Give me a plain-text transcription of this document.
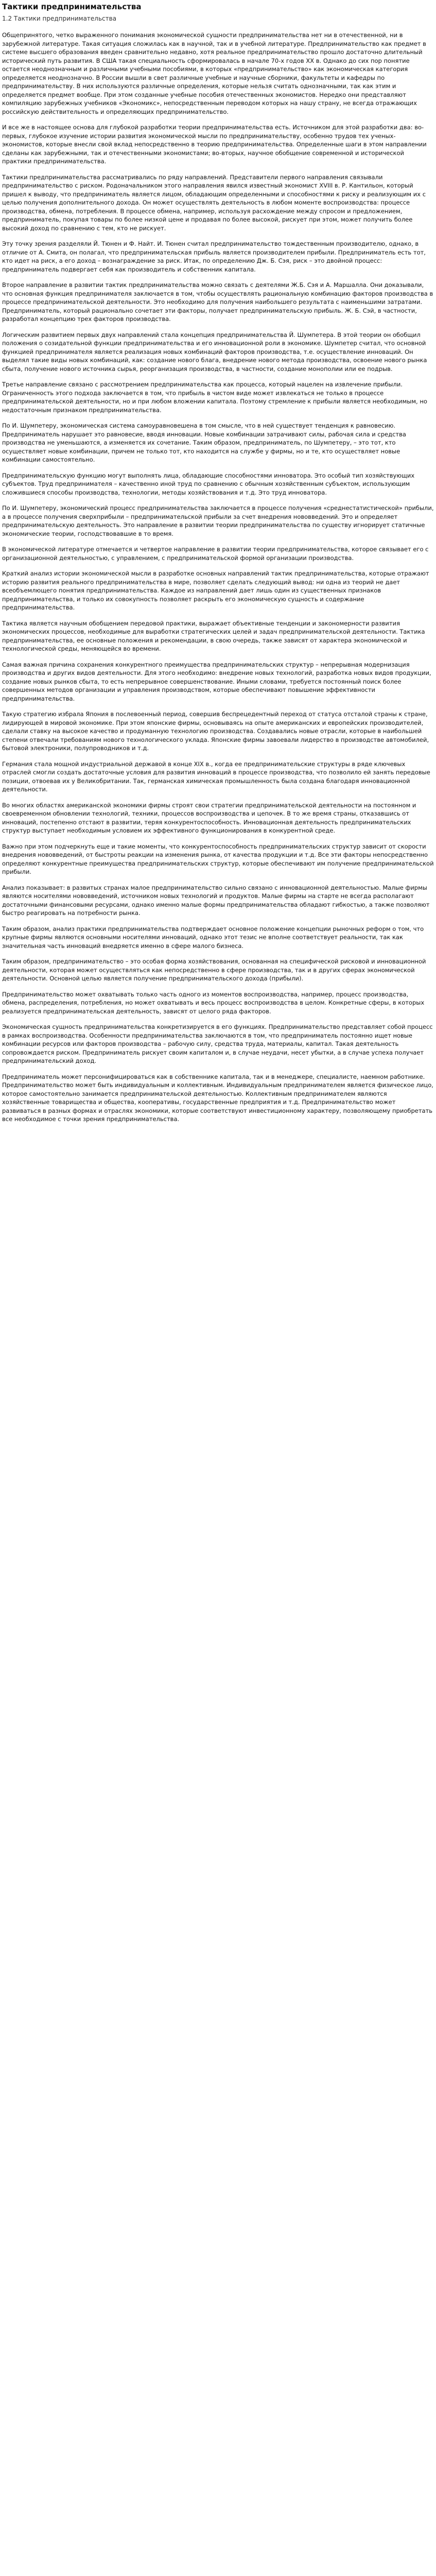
Тактики предпринимательства
1.2 Тактики предпринимательства

Общепринятого, четко выраженного понимания экономической сущности предпринимательства нет ни в отечественной, ни в зарубежной литературе. Такая ситуация сложилась как в научной, так и в учебной литературе. Предпринимательство как предмет в системе высшего образования введен сравнительно недавно, хотя реальное предпринимательство прошло достаточно длительный исторический путь развития. В США такая специальность сформировалась в начале 70-х годов XX в. Однако до сих пор понятие остается неоднозначным и различными учебными пособиями, в которых «предпринимательство» как экономическая категория определяется неоднозначно. В России вышли в свет различные учебные и научные сборники, факультеты и кафедры по предпринимательству. В них используются различные определения, которые нельзя считать однозначными, так как этим и определяется предмет вообще. При этом созданные учебные пособия отечественных экономистов. Нередко они представляют компиляцию зарубежных учебников «Экономикс», непосредственным переводом которых на нашу страну, не всегда отражающих российскую действительность и определяющих предпринимательство.

И все же в настоящее основа для глубокой разработки теории предпринимательства есть. Источником для этой разработки два: во-первых, глубокое изучение истории развития экономической мысли по предпринимательству, особенно трудов тех ученых-экономистов, которые внесли свой вклад непосредственно в теорию предпринимательства. Определенные шаги в этом направлении сделаны как зарубежными, так и отечественными экономистами; во-вторых, научное обобщение современной и исторической практики предпринимательства.

Тактики предпринимательства рассматривались по ряду направлений. Представители первого направления связывали предпринимательство с риском. Родоначальником этого направления явился известный экономист XVIII в. Р. Кантильон, который пришел к выводу, что предприниматель является лицом, обладающим определенными и способностями к риску и реализующим их с целью получения дополнительного дохода. Он может осуществлять деятельность в любом моменте воспроизводства: процессе производства, обмена, потребления. В процессе обмена, например, используя расхождение между спросом и предложением, предприниматель, покупая товары по более низкой цене и продавая по более высокой, рискует при этом, может получить более высокий доход по сравнению с тем, кто не рискует.

Эту точку зрения разделяли Й. Тюнен и Ф. Найт. И. Тюнен считал предпринимательство тождественным производителю, однако, в отличие от А. Смита, он полагал, что предпринимательская прибыль является производителем прибыли. Предприниматель есть тот, кто идет на риск, а его доход – вознаграждение за риск. Итак, по определению Дж. Б. Сэя, риск – это двойной процесс: предприниматель подвергает себя как производитель и собственник капитала.

Второе направление в развитии тактик предпринимательства можно связать с деятелями Ж.Б. Сэя и А. Маршалла. Они доказывали, что основная функция предпринимателя заключается в том, чтобы осуществлять рациональную комбинацию факторов производства в процессе предпринимательской деятельности. Это необходимо для получения наибольшего результата с наименьшими затратами. Предприниматель, который рационально сочетает эти факторы, получает предпринимательскую прибыль. Ж. Б. Сэй, в частности, разработал концепцию трех факторов производства.

Логическим развитием первых двух направлений стала концепция предпринимательства Й. Шумпетера. В этой теории он обобщил положения о созидательной функции предпринимательства и его инновационной роли в экономике. Шумпетер считал, что основной функцией предпринимателя является реализация новых комбинаций факторов производства, т.е. осуществление инноваций. Он выделял такие виды новых комбинаций, как: создание нового блага, внедрение нового метода производства, освоение нового рынка сбыта, получение нового источника сырья, реорганизация производства, в частности, создание монополии или ее подрыв.

Третье направление связано с рассмотрением предпринимательства как процесса, который нацелен на извлечение прибыли. Ограниченность этого подхода заключается в том, что прибыль в чистом виде может извлекаться не только в процессе предпринимательской деятельности, но и при любом вложении капитала. Поэтому стремление к прибыли является необходимым, но недостаточным признаком предпринимательства.

По И. Шумпетеру, экономическая система самоуравновешена в том смысле, что в ней существует тенденция к равновесию. Предприниматель нарушает это равновесие, вводя инновации. Новые комбинации затрачивают силы, рабочая сила и средства производства не уменьшаются, а изменяется их сочетание. Таким образом, предприниматель, по Шумпетеру, – это тот, кто осуществляет новые комбинации, причем не только тот, кто находится на службе у фирмы, но и те, кто осуществляет новые комбинации самостоятельно.

Предпринимательскую функцию могут выполнять лица, обладающие способностями инноватора. Это особый тип хозяйствующих субъектов. Труд предпринимателя – качественно иной труд по сравнению с обычным хозяйственным субъектом, использующим сложившиеся способы производства, технологии, методы хозяйствования и т.д. Это труд инноватора.

По И. Шумпетеру, экономический процесс предпринимательства заключается в процессе получения «среднестатистической» прибыли, а в процессе получения сверхприбыли – предпринимательской прибыли за счет внедрения нововведений. Это и определяет предпринимательскую деятельность. Это направление в развитии теории предпринимательства по существу игнорирует статичные экономические теории, господствовавшие в то время.

В экономической литературе отмечается и четвертое направление в развитии теории предпринимательства, которое связывает его с организационной деятельностью, с управлением, с предпринимательской формой организации производства.

Краткий анализ истории экономической мысли в разработке основных направлений тактик предпринимательства, которые отражают историю развития реального предпринимательства в мире, позволяет сделать следующий вывод: ни одна из теорий не дает всеобъемлющего понятия предпринимательства. Каждое из направлений дает лишь один из существенных признаков предпринимательства, и только их совокупность позволяет раскрыть его экономическую сущность и содержание предпринимательства.

Тактика является научным обобщением передовой практики, выражает объективные тенденции и закономерности развития экономических процессов, необходимые для выработки стратегических целей и задач предпринимательской деятельности. Тактика предпринимательства, ее основные положения и рекомендации, в свою очередь, также зависят от характера экономической и технологической среды, меняющейся во времени.

Самая важная причина сохранения конкурентного преимущества предпринимательских структур – непрерывная модернизация производства и других видов деятельности. Для этого необходимо: внедрение новых технологий, разработка новых видов продукции, создание новых рынков сбыта, то есть непрерывное совершенствование. Иными словами, требуется постоянный поиск более совершенных методов организации и управления производством, которые обеспечивают повышение эффективности предпринимательства.

Такую стратегию избрала Япония в послевоенный период, совершив беспрецедентный переход от статуса отсталой страны к стране, лидирующей в мировой экономике. При этом японские фирмы, основываясь на опыте американских и европейских производителей, сделали ставку на высокое качество и продуманную технологию производства. Создавались новые отрасли, которые в наибольшей степени отвечали требованиям нового технологического уклада. Японские фирмы завоевали лидерство в производстве автомобилей, бытовой электроники, полупроводников и т.д.

Германия стала мощной индустриальной державой в конце XIX в., когда ее предпринимательские структуры в ряде ключевых отраслей смогли создать достаточные условия для развития инноваций в процессе производства, что позволило ей занять передовые позиции, отвоевав их у Великобритании. Так, германская химическая промышленность была создана благодаря инновационной деятельности.

Во многих областях американской экономики фирмы строят свои стратегии предпринимательской деятельности на постоянном и своевременном обновлении технологий, техники, процессов воспроизводства и цепочек. В то же время страны, отказавшись от инноваций, постепенно отстают в развитии, теряя конкурентоспособность. Инновационная деятельность предпринимательских структур выступает необходимым условием их эффективного функционирования в конкурентной среде.

Важно при этом подчеркнуть еще и такие моменты, что конкурентоспособность предпринимательских структур зависит от скорости внедрения нововведений, от быстроты реакции на изменения рынка, от качества продукции и т.д. Все эти факторы непосредственно определяют конкурентные преимущества предпринимательских структур, которые обеспечивают им получение предпринимательской прибыли.

Анализ показывает: в развитых странах малое предпринимательство сильно связано с инновационной деятельностью. Малые фирмы являются носителями нововведений, источником новых технологий и продуктов. Малые фирмы на старте не всегда располагают достаточными финансовыми ресурсами, однако именно малые формы предпринимательства обладают гибкостью, а также позволяют быстро реагировать на потребности рынка.

Таким образом, анализ практики предпринимательства подтверждает основное положение концепции рыночных реформ о том, что крупные фирмы являются основными носителями инноваций, однако этот тезис не вполне соответствует реальности, так как значительная часть инноваций внедряется именно в сфере малого бизнеса.

Таким образом, предпринимательство – это особая форма хозяйствования, основанная на специфической рисковой и инновационной деятельности, которая может осуществляться как непосредственно в сфере производства, так и в других сферах экономической деятельности. Основной целью является получение предпринимательского дохода (прибыли).

Предпринимательство может охватывать только часть одного из моментов воспроизводства, например, процесс производства, обмена, распределения, потребления, но может охватывать и весь процесс воспроизводства в целом. Конкретные сферы, в которых реализуется предпринимательская деятельность, зависят от целого ряда факторов.

Экономическая сущность предпринимательства конкретизируется в его функциях. Предпринимательство представляет собой процесс в рамках воспроизводства. Особенности предпринимательства заключаются в том, что предприниматель постоянно ищет новые комбинации ресурсов или факторов производства – рабочую силу, средства труда, материалы, капитал. Такая деятельность сопровождается риском. Предприниматель рискует своим капиталом и, в случае неудачи, несет убытки, а в случае успеха получает предпринимательский доход.

Предприниматель может персонифицироваться как в собственнике капитала, так и в менеджере, специалисте, наемном работнике. Предпринимательство может быть индивидуальным и коллективным. Индивидуальным предпринимателем является физическое лицо, которое самостоятельно занимается предпринимательской деятельностью. Коллективным предпринимателем являются хозяйственные товарищества и общества, кооперативы, государственные предприятия и т.д. Предпринимательство может развиваться в разных формах и отраслях экономики, которые соответствуют инвестиционному характеру, позволяющему приобретать все необходимое с точки зрения предпринимательства.
